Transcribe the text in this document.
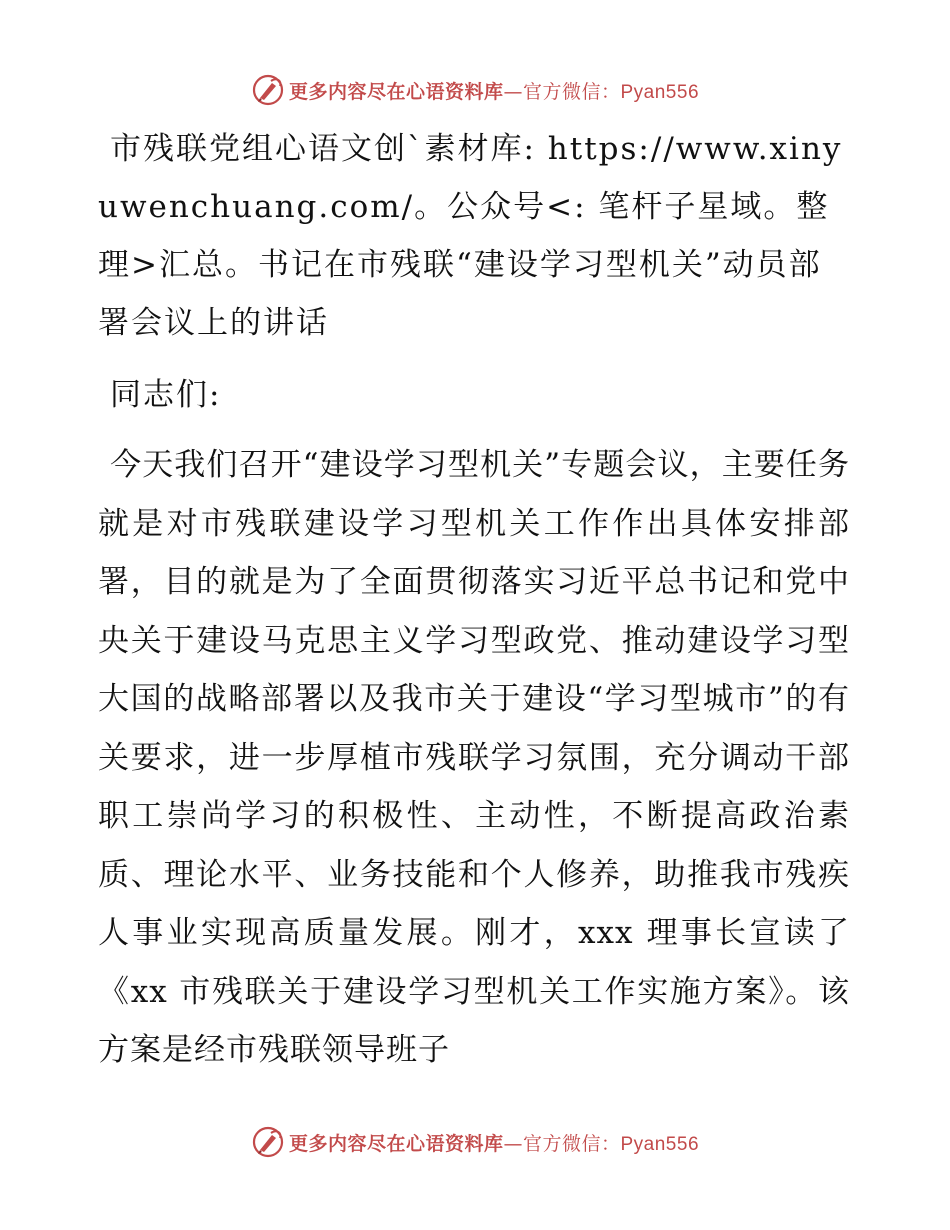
更多内容尽在心语资料库—官方微信：Pyan556

市残联党组心语文创`素材库: https://www.xinyuwenchuang.com/。公众号<: 笔杆子星域。整理>汇总。书记在市残联“建设学习型机关”动员部署会议上的讲话

同志们:

今天我们召开“建设学习型机关”专题会议，主要任务就是对市残联建设学习型机关工作作出具体安排部署，目的就是为了全面贯彻落实习近平总书记和党中央关于建设马克思主义学习型政党、推动建设学习型大国的战略部署以及我市关于建设“学习型城市”的有关要求，进一步厚植市残联学习氛围，充分调动干部职工崇尚学习的积极性、主动性，不断提高政治素质、理论水平、业务技能和个人修养，助推我市残疾人事业实现高质量发展。刚才，xxx 理事长宣读了《xx 市残联关于建设学习型机关工作实施方案》。该方案是经市残联领导班子

更多内容尽在心语资料库—官方微信：Pyan556
